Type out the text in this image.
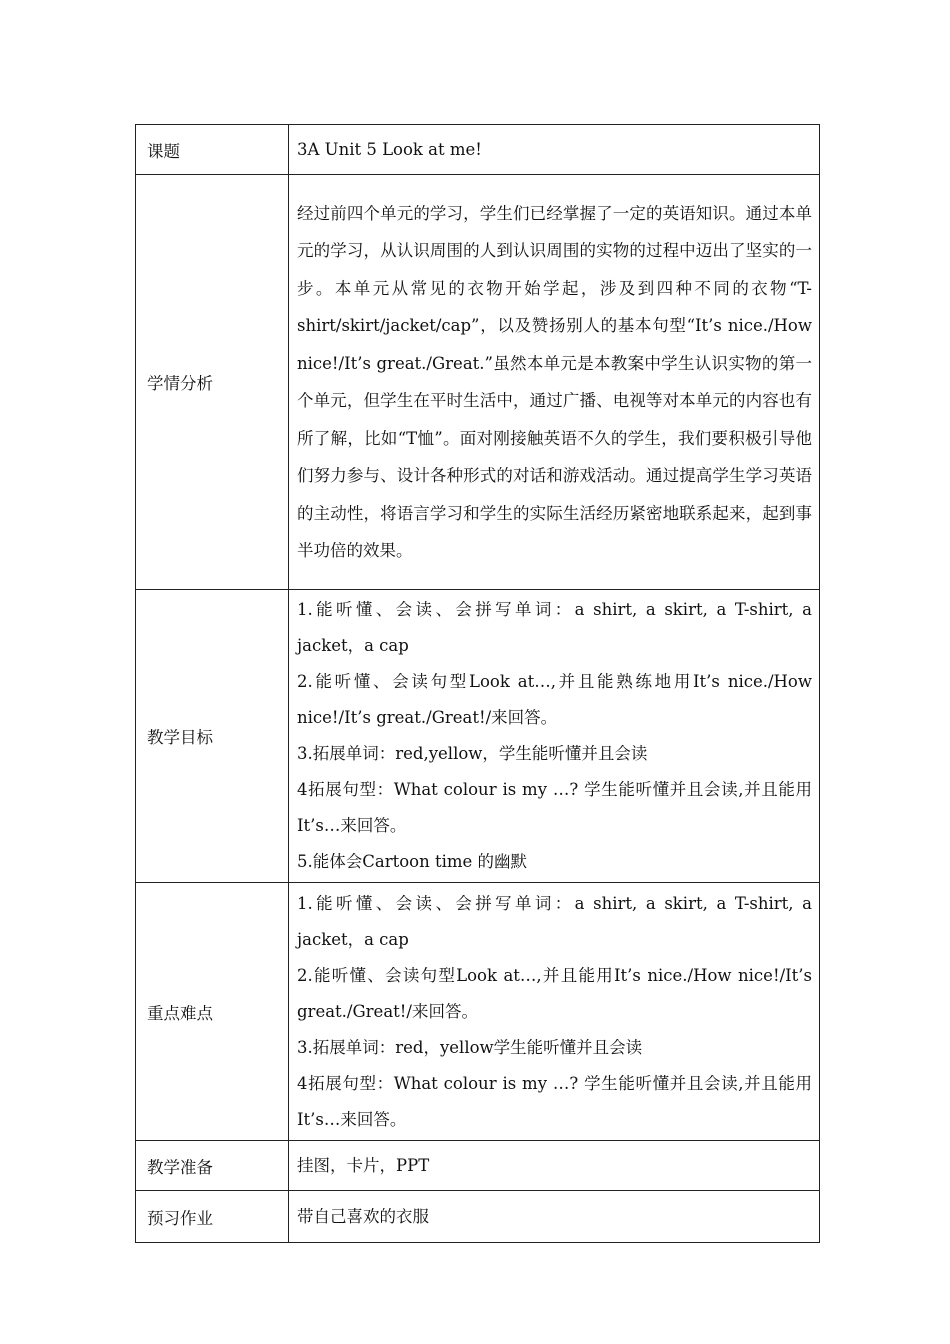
课题	3A Unit 5 Look at me!
学情分析	经过前四个单元的学习，学生们已经掌握了一定的英语知识。通过本单元的学习，从认识周围的人到认识周围的实物的过程中迈出了坚实的一步。本单元从常见的衣物开始学起，涉及到四种不同的衣物“T-shirt/skirt/jacket/cap”，以及赞扬别人的基本句型“It’s nice./How nice!/It’s great./Great.”虽然本单元是本教案中学生认识实物的第一个单元，但学生在平时生活中，通过广播、电视等对本单元的内容也有所了解，比如“T恤”。面对刚接触英语不久的学生，我们要积极引导他们努力参与、设计各种形式的对话和游戏活动。通过提高学生学习英语的主动性，将语言学习和学生的实际生活经历紧密地联系起来，起到事半功倍的效果。

教学目标	1.能听懂、会读、会拼写单词：a shirt, a skirt, a T-shirt, a jacket，a cap
2.能听懂、会读句型Look at…,并且能熟练地用It’s nice./How nice!/It’s great./Great!/来回答。
3.拓展单词：red,yellow，学生能听懂并且会读
4拓展句型：What colour is my …? 学生能听懂并且会读,并且能用It’s…来回答。
5.能体会Cartoon time 的幽默

重点难点	1.能听懂、会读、会拼写单词：a shirt, a skirt, a T-shirt, a jacket，a cap
2.能听懂、会读句型Look at…,并且能用It’s nice./How nice!/It’s great./Great!/来回答。
3.拓展单词：red，yellow学生能听懂并且会读
4拓展句型：What colour is my …? 学生能听懂并且会读,并且能用It’s…来回答。

教学准备	挂图，卡片，PPT
预习作业	带自己喜欢的衣服
